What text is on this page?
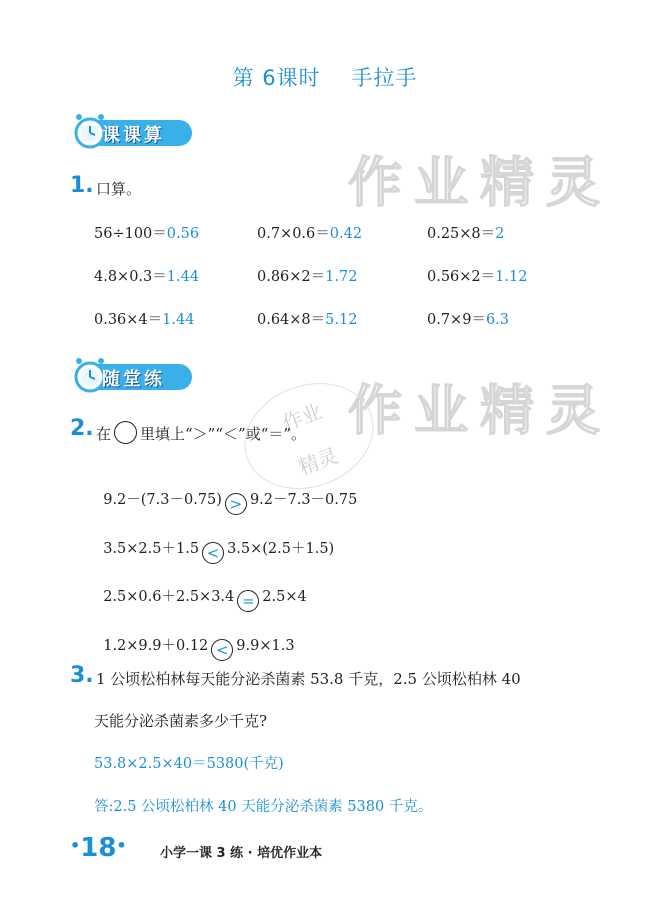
作业精灵
作业精灵
作业
精灵
第 6课时    手拉手
课课算
1. 口算。
56÷100＝0.56	0.7×0.6＝0.42	0.25×8＝2
4.8×0.3＝1.44	0.86×2＝1.72	0.56×2＝1.12
0.36×4＝1.44	0.64×8＝5.12	0.7×9＝6.3
随堂练
2. 在 里填上“＞”“＜”或“＝”。

9.2－(7.3－0.75) > 9.2－7.3－0.75

3.5×2.5＋1.5 < 3.5×(2.5＋1.5)

2.5×0.6＋2.5×3.4 = 2.5×4

1.2×9.9＋0.12 < 9.9×1.3

3. 1 公顷松柏林每天能分泌杀菌素 53.8 千克，2.5 公顷松柏林 40
天能分泌杀菌素多少千克?
53.8×2.5×40＝5380(千克)
答:2.5 公顷松柏林 40 天能分泌杀菌素 5380 千克。
•18•	小学一课 3 练 · 培优作业本
